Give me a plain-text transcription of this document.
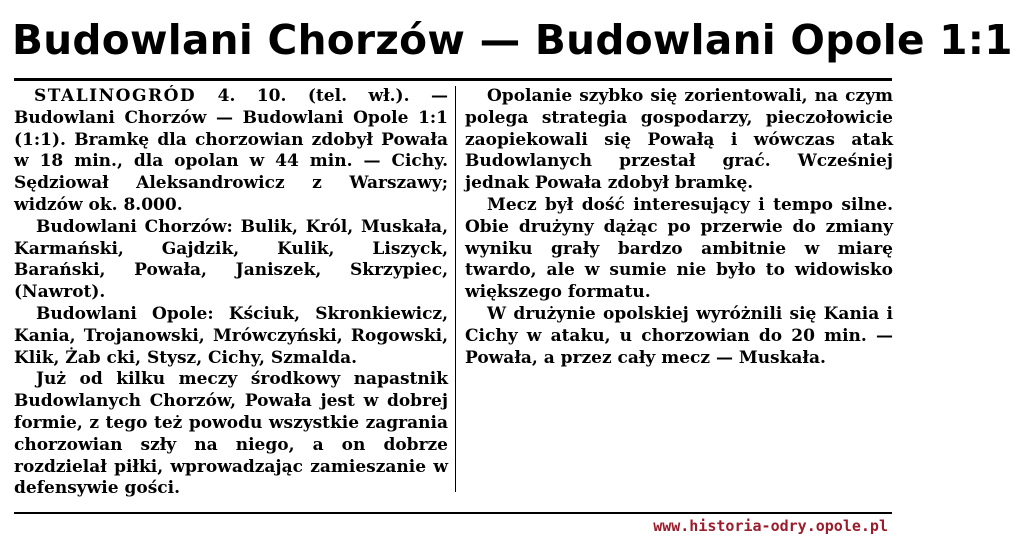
Budowlani Chorzów — Budowlani Opole 1:1

STALINOGRÓD 4. 10. (tel. wł.). — Budowlani Chorzów — Budowlani Opole 1:1 (1:1). Bramkę dla chorzowian zdobył Powała w 18 min., dla opolan w 44 min. — Cichy. Sędziował Aleksandrowicz z Warszawy; widzów ok. 8.000.

Budowlani Chorzów: Bulik, Król, Muskała, Karmański, Gajdzik, Kulik, Liszyck, Barański, Powała, Janiszek, Skrzypiec, (Nawrot).

Budowlani Opole: Kściuk, Skronkiewicz, Kania, Trojanowski, Mrówczyński, Rogowski, Klik, Żab cki, Stysz, Cichy, Szmalda.

Już od kilku meczy środkowy napastnik Budowlanych Chorzów, Powała jest w dobrej formie, z tego też powodu wszystkie zagrania chorzowian szły na niego, a on dobrze rozdzielał piłki, wprowadzając zamieszanie w defensywie gości.

Opolanie szybko się zorientowali, na czym polega strategia gospodarzy, pieczołowicie zaopiekowali się Powałą i wówczas atak Budowlanych przestał grać. Wcześniej jednak Powała zdobył bramkę.

Mecz był dość interesujący i tempo silne. Obie drużyny dążąc po przerwie do zmiany wyniku grały bardzo ambitnie w miarę twardo, ale w sumie nie było to widowisko większego formatu.

W drużynie opolskiej wyróżnili się Kania i Cichy w ataku, u chorzowian do 20 min. — Powała, a przez cały mecz — Muskała.

www.historia-odry.opole.pl
